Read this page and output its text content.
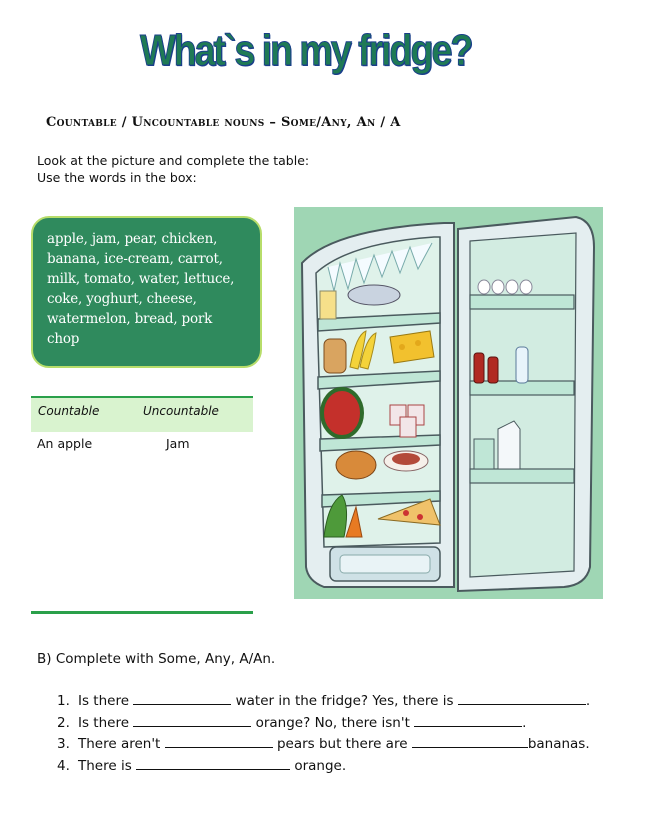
What`s in my fridge?
Countable / Uncountable nouns – Some/Any, An / A
Look at the picture and complete the table:
Use the words in the box:
apple, jam, pear, chicken, banana, ice-cream, carrot, milk, tomato, water, lettuce, coke, yoghurt, cheese, watermelon, bread, pork chop
Countable	Uncountable
An apple	Jam
B) Complete with Some, Any, A/An.
1. Is there	water in the fridge? Yes, there is	.
2. Is there	orange? No, there isn't	.
3. There aren't	pears but there are	bananas.
4. There is	orange.
